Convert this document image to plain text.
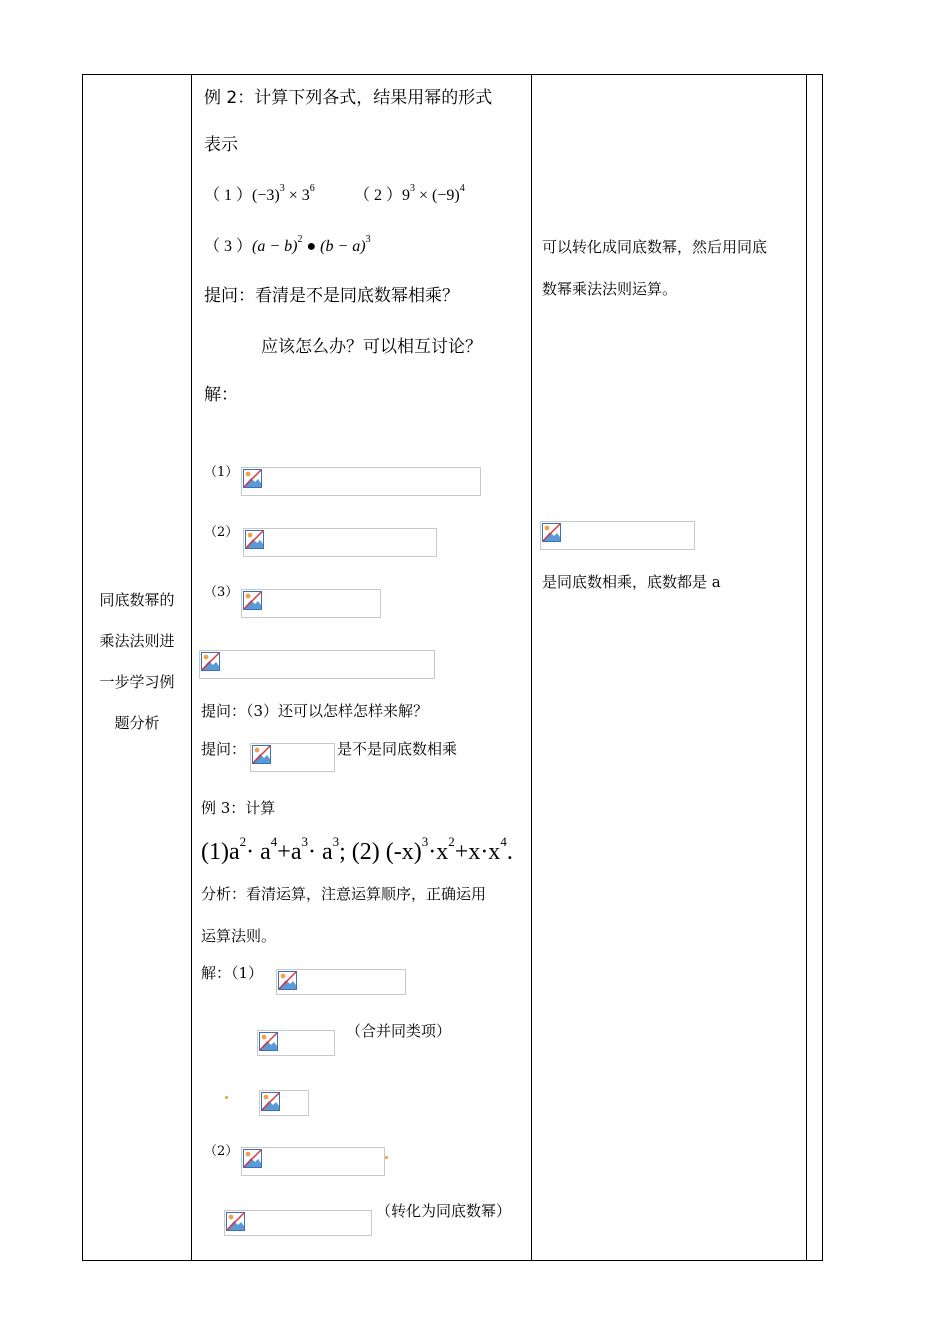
同底数幂的
乘法法则进
一步学习例
题分析
例 2：计算下列各式，结果用幂的形式
表示
（ 1 ）$(-3)^3 \times 3^6$ （ 2 ）$9^3 \times (-9)^4$
（ 3 ）$(a - b)^2$ ● $(b - a)^3$
提问：看清是不是同底数幂相乘？
应该怎么办？可以相互讨论？
解：
（1）
（2）
（3）
提问：（3）还可以怎样怎样来解？
提问：	是不是同底数相乘
例 3：计算
$(1)a^2\cdot a^4+a^3\cdot a^3$; (2) $(-x)^3\cdot x^2+x\cdot x^4$.
分析：看清运算，注意运算顺序，正确运用
运算法则。
解：（1）
（合并同类项）
（2）
（转化为同底数幂）
可以转化成同底数幂，然后用同底
数幂乘法法则运算。
是同底数相乘，底数都是 a
